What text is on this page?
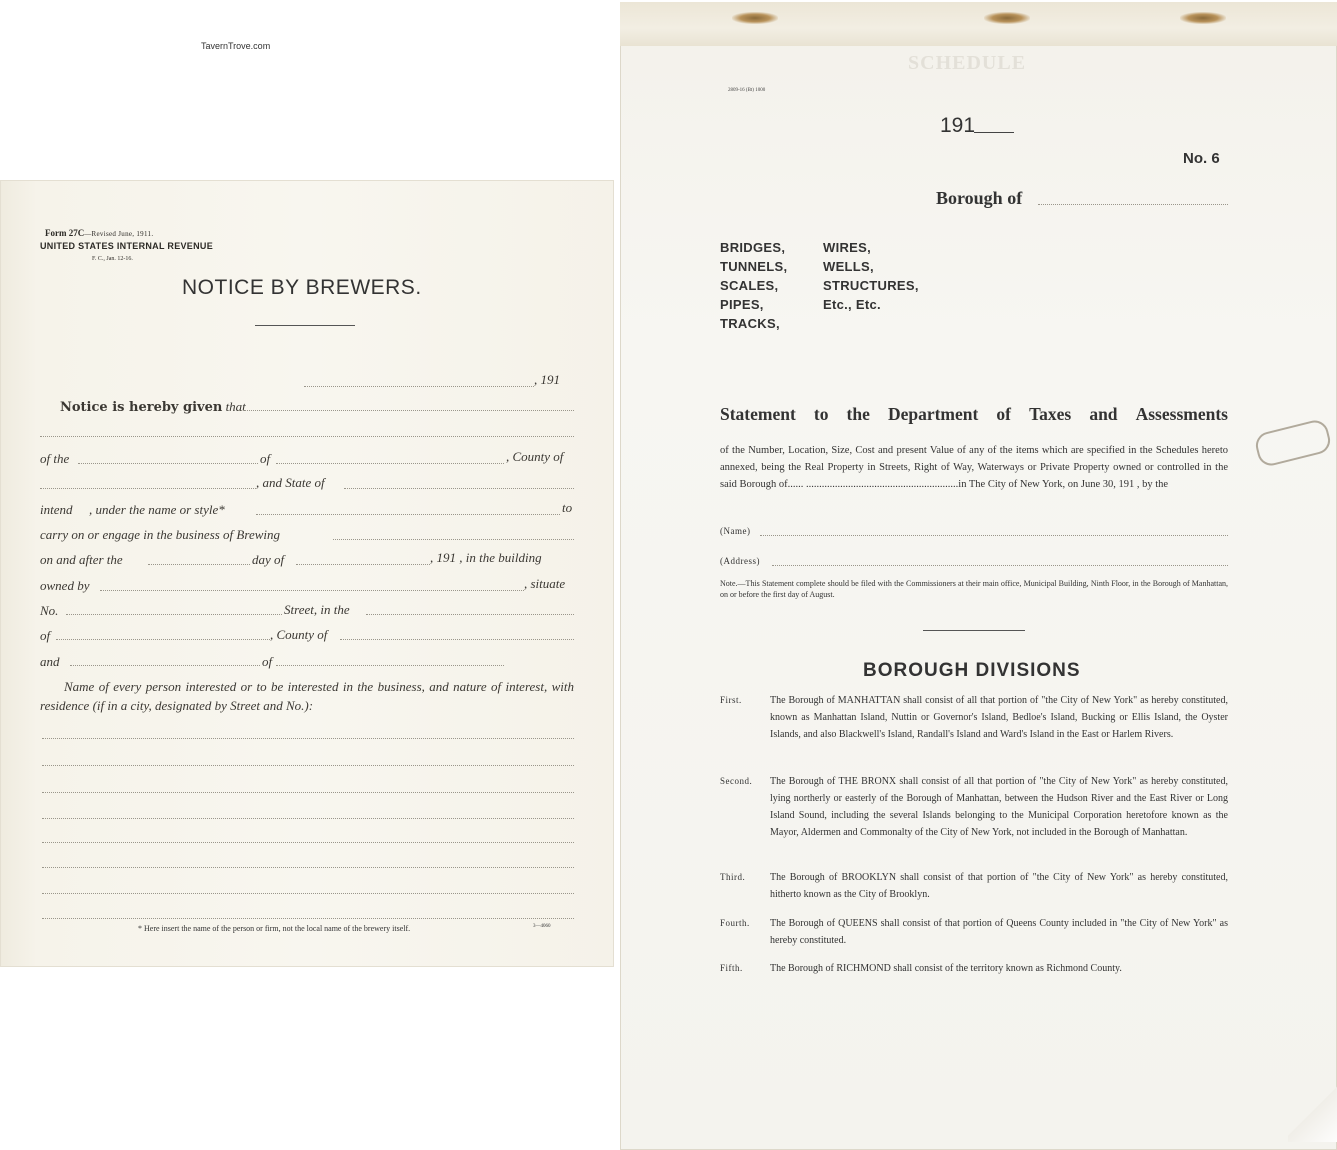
TavernTrove.com
Form 27C—Revised June, 1911.
UNITED STATES INTERNAL REVENUE
F. C., Jan. 12-16.
NOTICE BY BREWERS.
, 191
Notice is hereby given that
of the	of	, County of
, and State of
intend , under the name or style*	to
carry on or engage in the business of Brewing
on and after the	day of	, 191 , in the building
owned by	, situate
No.	Street, in the
of	, County of
and	of
Name of every person interested or to be interested in the business, and nature of interest, with residence (if in a city, designated by Street and No.):
* Here insert the name of the person or firm, not the local name of the brewery itself.	3—4060
SCHEDULE
2809-16 (Bt) 1000
191
No. 6
Borough of
BRIDGES,
TUNNELS,
SCALES,
PIPES,
TRACKS,
WIRES,
WELLS,
STRUCTURES,
Etc., Etc.
Statement to the Department of Taxes and Assessments
of the Number, Location, Size, Cost and present Value of any of the items which are specified in the Schedules hereto annexed, being the Real Property in Streets, Right of Way, Waterways or Private Property owned or controlled in the said Borough of...... ..........................................................in The City of New York, on June 30, 191 , by the
(Name)
(Address)
Note.—This Statement complete should be filed with the Commissioners at their main office, Municipal Building, Ninth Floor, in the Borough of Manhattan, on or before the first day of August.
BOROUGH DIVISIONS
First.	The Borough of MANHATTAN shall consist of all that portion of "the City of New York" as hereby constituted, known as Manhattan Island, Nuttin or Governor's Island, Bedloe's Island, Bucking or Ellis Island, the Oyster Islands, and also Blackwell's Island, Randall's Island and Ward's Island in the East or Harlem Rivers.
Second. The Borough of THE BRONX shall consist of all that portion of "the City of New York" as hereby constituted, lying northerly or easterly of the Borough of Manhattan, between the Hudson River and the East River or Long Island Sound, including the several Islands belonging to the Municipal Corporation heretofore known as the Mayor, Aldermen and Commonalty of the City of New York, not included in the Borough of Manhattan.
Third. The Borough of BROOKLYN shall consist of that portion of "the City of New York" as hereby constituted, hitherto known as the City of Brooklyn.
Fourth. The Borough of QUEENS shall consist of that portion of Queens County included in "the City of New York" as hereby constituted.
Fifth.	The Borough of RICHMOND shall consist of the territory known as Richmond County.
